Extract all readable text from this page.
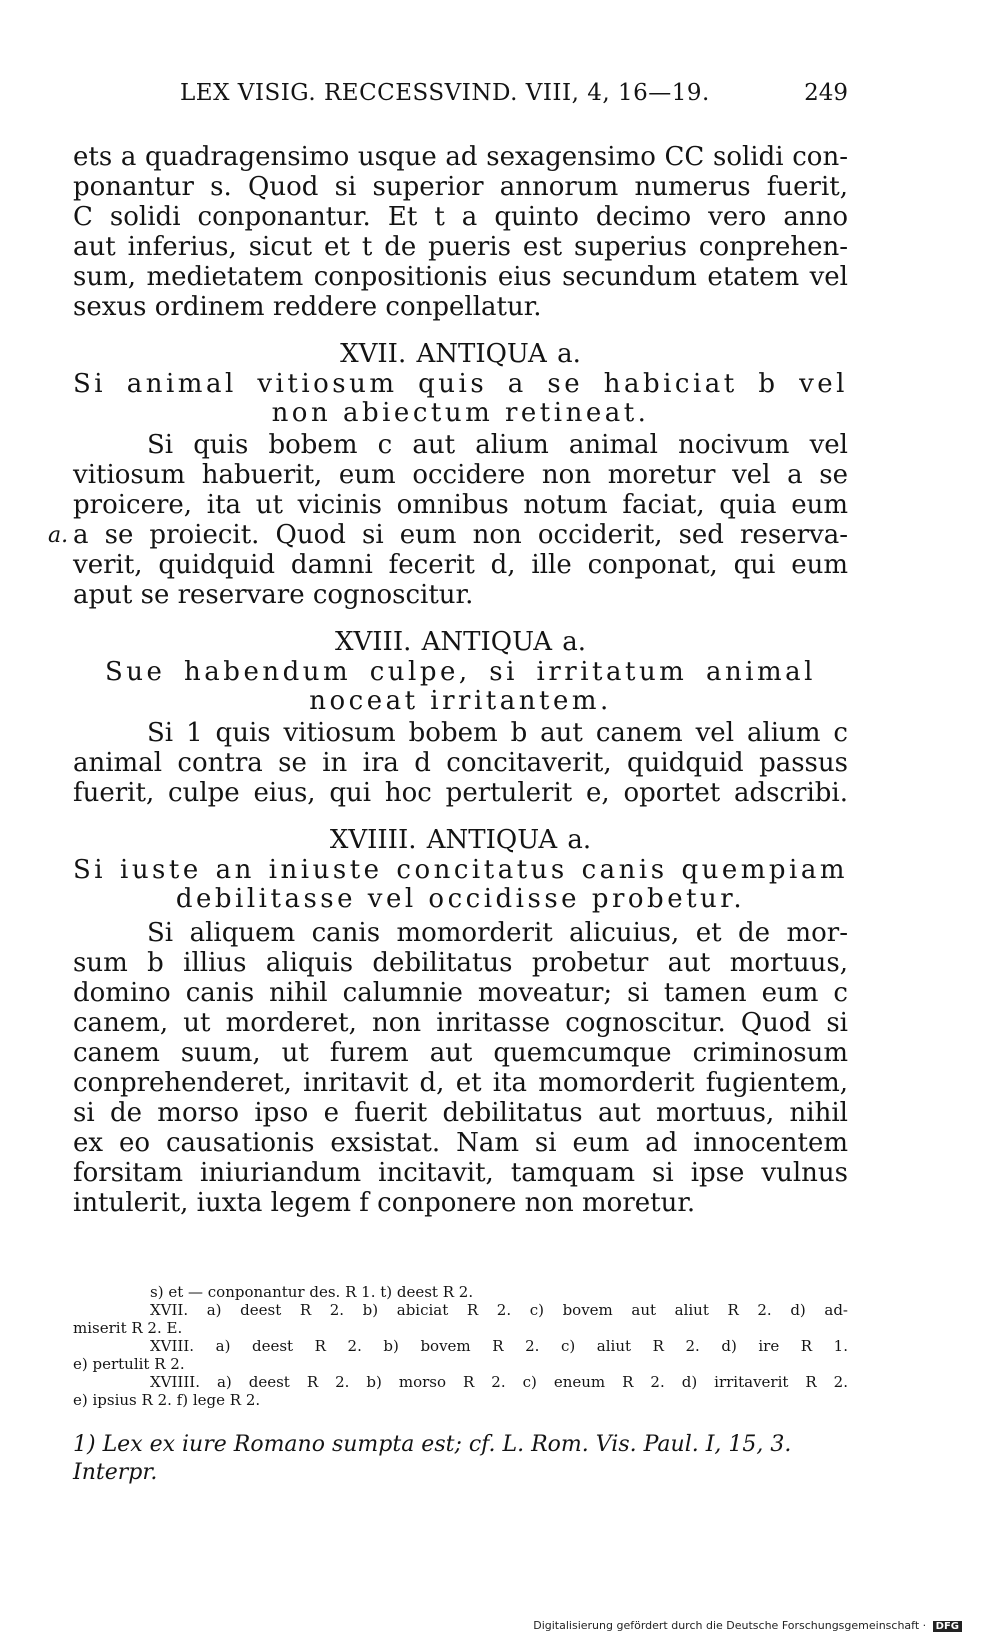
LEX VISIG. RECCESSVIND. VIII, 4, 16—19.	249
ets a quadragensimo usque ad sexagensimo CC solidi con-
ponantur s. Quod si superior annorum numerus fuerit,
C solidi conponantur. Et t a quinto decimo vero anno
aut inferius, sicut et t de pueris est superius conprehen-
sum, medietatem conpositionis eius secundum etatem vel
sexus ordinem reddere conpellatur.
XVII. ANTIQUA a.
Si animal vitiosum quis a se habiciat b vel
non abiectum retineat.
Si quis bobem c aut alium animal nocivum vel
vitiosum habuerit, eum occidere non moretur vel a se
proicere, ita ut vicinis omnibus notum faciat, quia eum
a. a se proiecit. Quod si eum non occiderit, sed reserva-
verit, quidquid damni fecerit d, ille conponat, qui eum
aput se reservare cognoscitur.
XVIII. ANTIQUA a.
Sue habendum culpe, si irritatum animal
noceat irritantem.
Si 1 quis vitiosum bobem b aut canem vel alium c
animal contra se in ira d concitaverit, quidquid passus
fuerit, culpe eius, qui hoc pertulerit e, oportet adscribi.
XVIIII. ANTIQUA a.
Si iuste an iniuste concitatus canis quempiam
debilitasse vel occidisse probetur.
Si aliquem canis momorderit alicuius, et de mor-
sum b illius aliquis debilitatus probetur aut mortuus,
domino canis nihil calumnie moveatur; si tamen eum c
canem, ut morderet, non inritasse cognoscitur. Quod si
canem suum, ut furem aut quemcumque criminosum
conprehenderet, inritavit d, et ita momorderit fugientem,
si de morso ipso e fuerit debilitatus aut mortuus, nihil
ex eo causationis exsistat. Nam si eum ad innocentem
forsitam iniuriandum incitavit, tamquam si ipse vulnus
intulerit, iuxta legem f conponere non moretur.
s) et — conponantur des. R 1. t) deest R 2.
XVII. a) deest R 2. b) abiciat R 2. c) bovem aut aliut R 2. d) ad-
miserit R 2. E.
XVIII. a) deest R 2. b) bovem R 2. c) aliut R 2. d) ire R 1.
e) pertulit R 2.
XVIIII. a) deest R 2. b) morso R 2. c) eneum R 2. d) irritaverit R 2.
e) ipsius R 2. f) lege R 2.
1) Lex ex iure Romano sumpta est; cf. L. Rom. Vis. Paul. I, 15, 3.
Interpr.
Digitalisierung gefördert durch die Deutsche Forschungsgemeinschaft · DFG
